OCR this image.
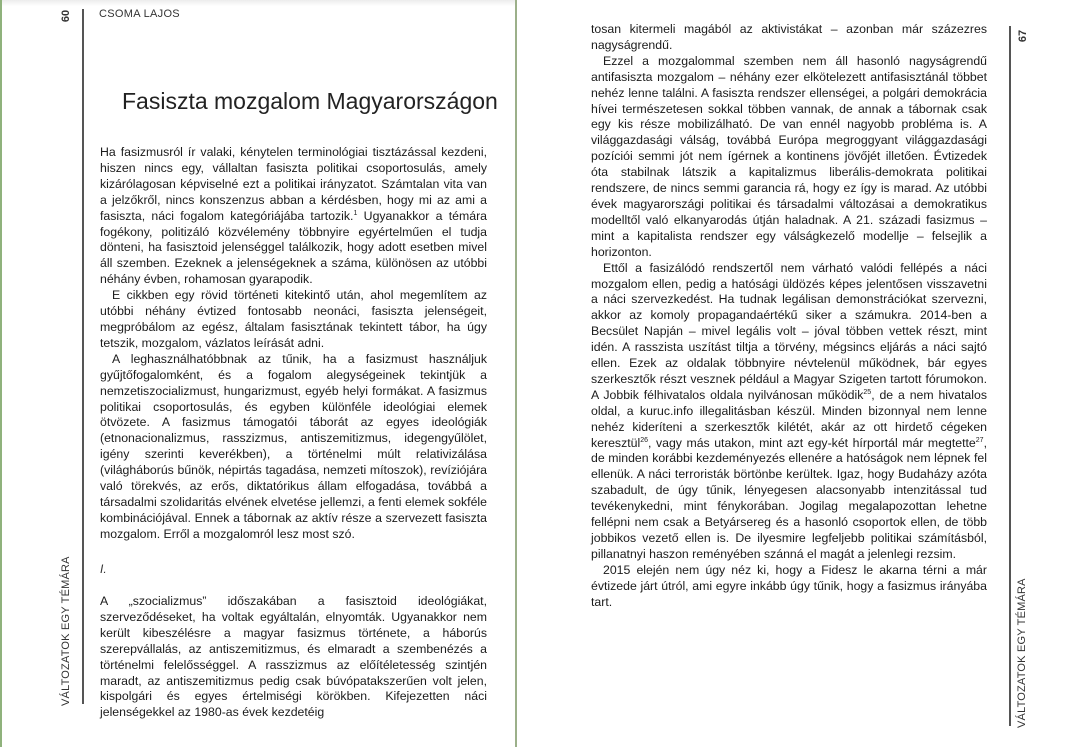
60
VÁLTOZATOK EGY TÉMÁRA
CSOMA LAJOS
Fasiszta mozgalom Magyarországon

Ha fasizmusról ír valaki, kénytelen terminológiai tisztázással kezdeni, hiszen nincs egy, vállaltan fasiszta politikai csoportosulás, amely kizárólagosan képviselné ezt a politikai irányzatot. Számtalan vita van a jelzőkről, nincs konszenzus abban a kérdésben, hogy mi az ami a fasiszta, náci fogalom kategóriájába tartozik.$^1$ Ugyanakkor a témára fogékony, politizáló közvélemény többnyire egyértelműen el tudja dönteni, ha fasisztoid jelenséggel találkozik, hogy adott esetben mivel áll szemben. Ezeknek a jelenségeknek a száma, különösen az utóbbi néhány évben, rohamosan gyarapodik.

E cikkben egy rövid történeti kitekintő után, ahol megemlítem az utóbbi néhány évtized fontosabb neonáci, fasiszta jelenségeit, megpróbálom az egész, általam fasisztának tekintett tábor, ha úgy tetszik, mozgalom, vázlatos leírását adni.

A leghasználhatóbbnak az tűnik, ha a fasizmust használjuk gyűjtőfogalomként, és a fogalom alegységeinek tekintjük a nemzetiszocializmust, hungarizmust, egyéb helyi formákat. A fasizmus politikai csoportosulás, és egyben különféle ideológiai elemek ötvözete. A fasizmus támogatói táborát az egyes ideológiák (etnonacionalizmus, rasszizmus, antiszemitizmus, idegengyűlölet, igény szerinti keverékben), a történelmi múlt relativizálása (világháborús bűnök, népirtás tagadása, nemzeti mítoszok), revíziójára való törekvés, az erős, diktatórikus állam elfogadása, továbbá a társadalmi szolidaritás elvének elvetése jellemzi, a fenti elemek sokféle kombinációjával. Ennek a tábornak az aktív része a szervezett fasiszta mozgalom. Erről a mozgalomról lesz most szó.

I.

A „szocializmus” időszakában a fasisztoid ideológiákat, szerveződéseket, ha voltak egyáltalán, elnyomták. Ugyanakkor nem került kibeszélésre a magyar fasizmus története, a háborús szerepvállalás, az antiszemitizmus, és elmaradt a szembenézés a történelmi felelősséggel. A rasszizmus az előítéletesség szintjén maradt, az antiszemitizmus pedig csak búvópatakszerűen volt jelen, kispolgári és egyes értelmiségi körökben. Kifejezetten náci jelenségekkel az 1980-as évek kezdetéig

tosan kitermeli magából az aktivistákat – azonban már százezres nagyságrendű.

Ezzel a mozgalommal szemben nem áll hasonló nagyságrendű antifasiszta mozgalom – néhány ezer elkötelezett antifasisztánál többet nehéz lenne találni. A fasiszta rendszer ellenségei, a polgári demokrácia hívei természetesen sokkal többen vannak, de annak a tábornak csak egy kis része mobilizálható. De van ennél nagyobb probléma is. A világgazdasági válság, továbbá Európa megroggyant világgazdasági pozíciói semmi jót nem ígérnek a kontinens jövőjét illetően. Évtizedek óta stabilnak látszik a kapitalizmus liberális-demokrata politikai rendszere, de nincs semmi garancia rá, hogy ez így is marad. Az utóbbi évek magyarországi politikai és társadalmi változásai a demokratikus modelltől való elkanyarodás útján haladnak. A 21. századi fasizmus – mint a kapitalista rendszer egy válságkezelő modellje – felsejlik a horizonton.

Ettől a fasizálódó rendszertől nem várható valódi fellépés a náci mozgalom ellen, pedig a hatósági üldözés képes jelentősen visszavetni a náci szervezkedést. Ha tudnak legálisan demonstrációkat szervezni, akkor az komoly propagandaértékű siker a számukra. 2014-ben a Becsület Napján – mivel legális volt – jóval többen vettek részt, mint idén. A rasszista uszítást tiltja a törvény, mégsincs eljárás a náci sajtó ellen. Ezek az oldalak többnyire névtelenül működnek, bár egyes szerkesztők részt vesznek például a Magyar Szigeten tartott fórumokon. A Jobbik félhivatalos oldala nyilvánosan működik$^{25}$, de a nem hivatalos oldal, a kuruc.info illegalitásban készül. Minden bizonnyal nem lenne nehéz kideríteni a szerkesztők kilétét, akár az ott hirdető cégeken keresztül$^{26}$, vagy más utakon, mint azt egy-két hírportál már megtette$^{27}$, de minden korábbi kezdeményezés ellenére a hatóságok nem lépnek fel ellenük. A náci terroristák börtönbe kerültek. Igaz, hogy Budaházy azóta szabadult, de úgy tűnik, lényegesen alacsonyabb intenzitással tud tevékenykedni, mint fénykorában. Jogilag megalapozottan lehetne fellépni nem csak a Betyársereg és a hasonló csoportok ellen, de több jobbikos vezető ellen is. De ilyesmire legfeljebb politikai számításból, pillanatnyi haszon reményében szánná el magát a jelenlegi rezsim.

2015 elején nem úgy néz ki, hogy a Fidesz le akarna térni a már évtizede járt útról, ami egyre inkább úgy tűnik, hogy a fasizmus irányába tart.

67
VÁLTOZATOK EGY TÉMÁRA
